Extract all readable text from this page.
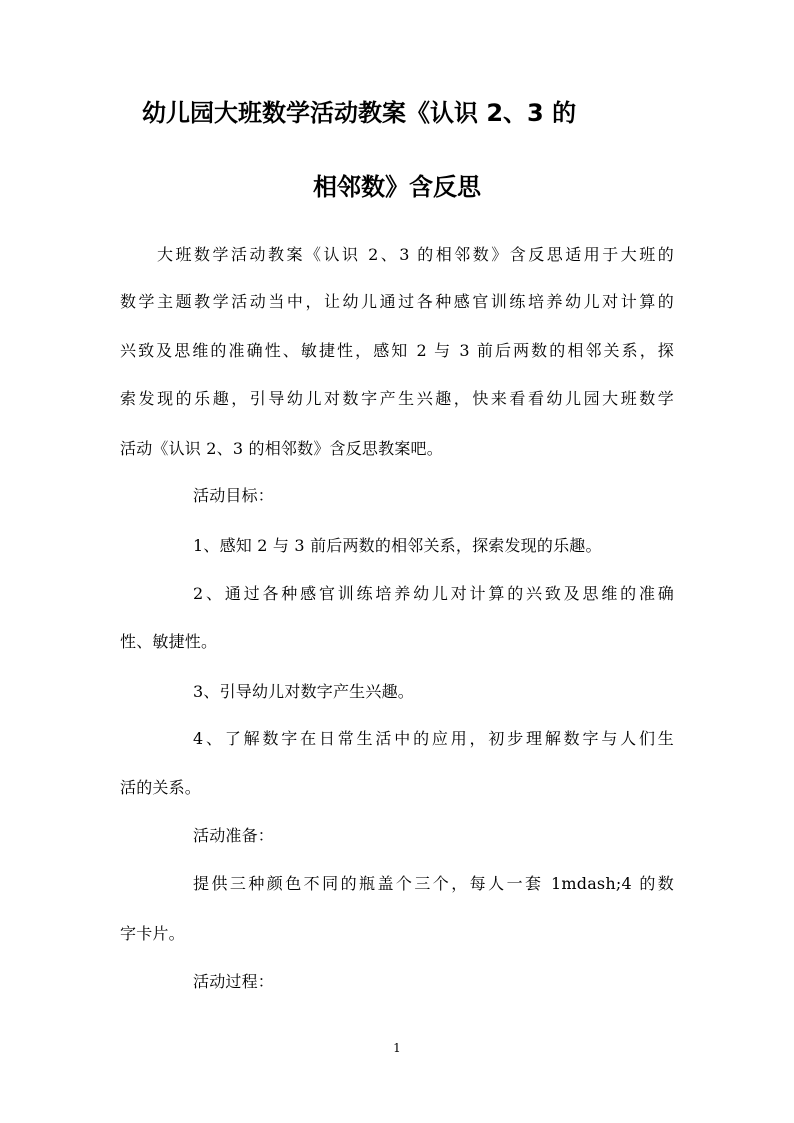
幼儿园大班数学活动教案《认识 2、3 的
相邻数》含反思
大班数学活动教案《认识 2、3 的相邻数》含反思适用于大班的
数学主题教学活动当中，让幼儿通过各种感官训练培养幼儿对计算的
兴致及思维的准确性、敏捷性，感知 2 与 3 前后两数的相邻关系，探
索发现的乐趣，引导幼儿对数字产生兴趣，快来看看幼儿园大班数学
活动《认识 2、3 的相邻数》含反思教案吧。
活动目标：
1、感知 2 与 3 前后两数的相邻关系，探索发现的乐趣。
2、通过各种感官训练培养幼儿对计算的兴致及思维的准确
性、敏捷性。
3、引导幼儿对数字产生兴趣。
4、了解数字在日常生活中的应用，初步理解数字与人们生
活的关系。
活动准备：
提供三种颜色不同的瓶盖个三个，每人一套 1mdash;4 的数
字卡片。
活动过程：
1
